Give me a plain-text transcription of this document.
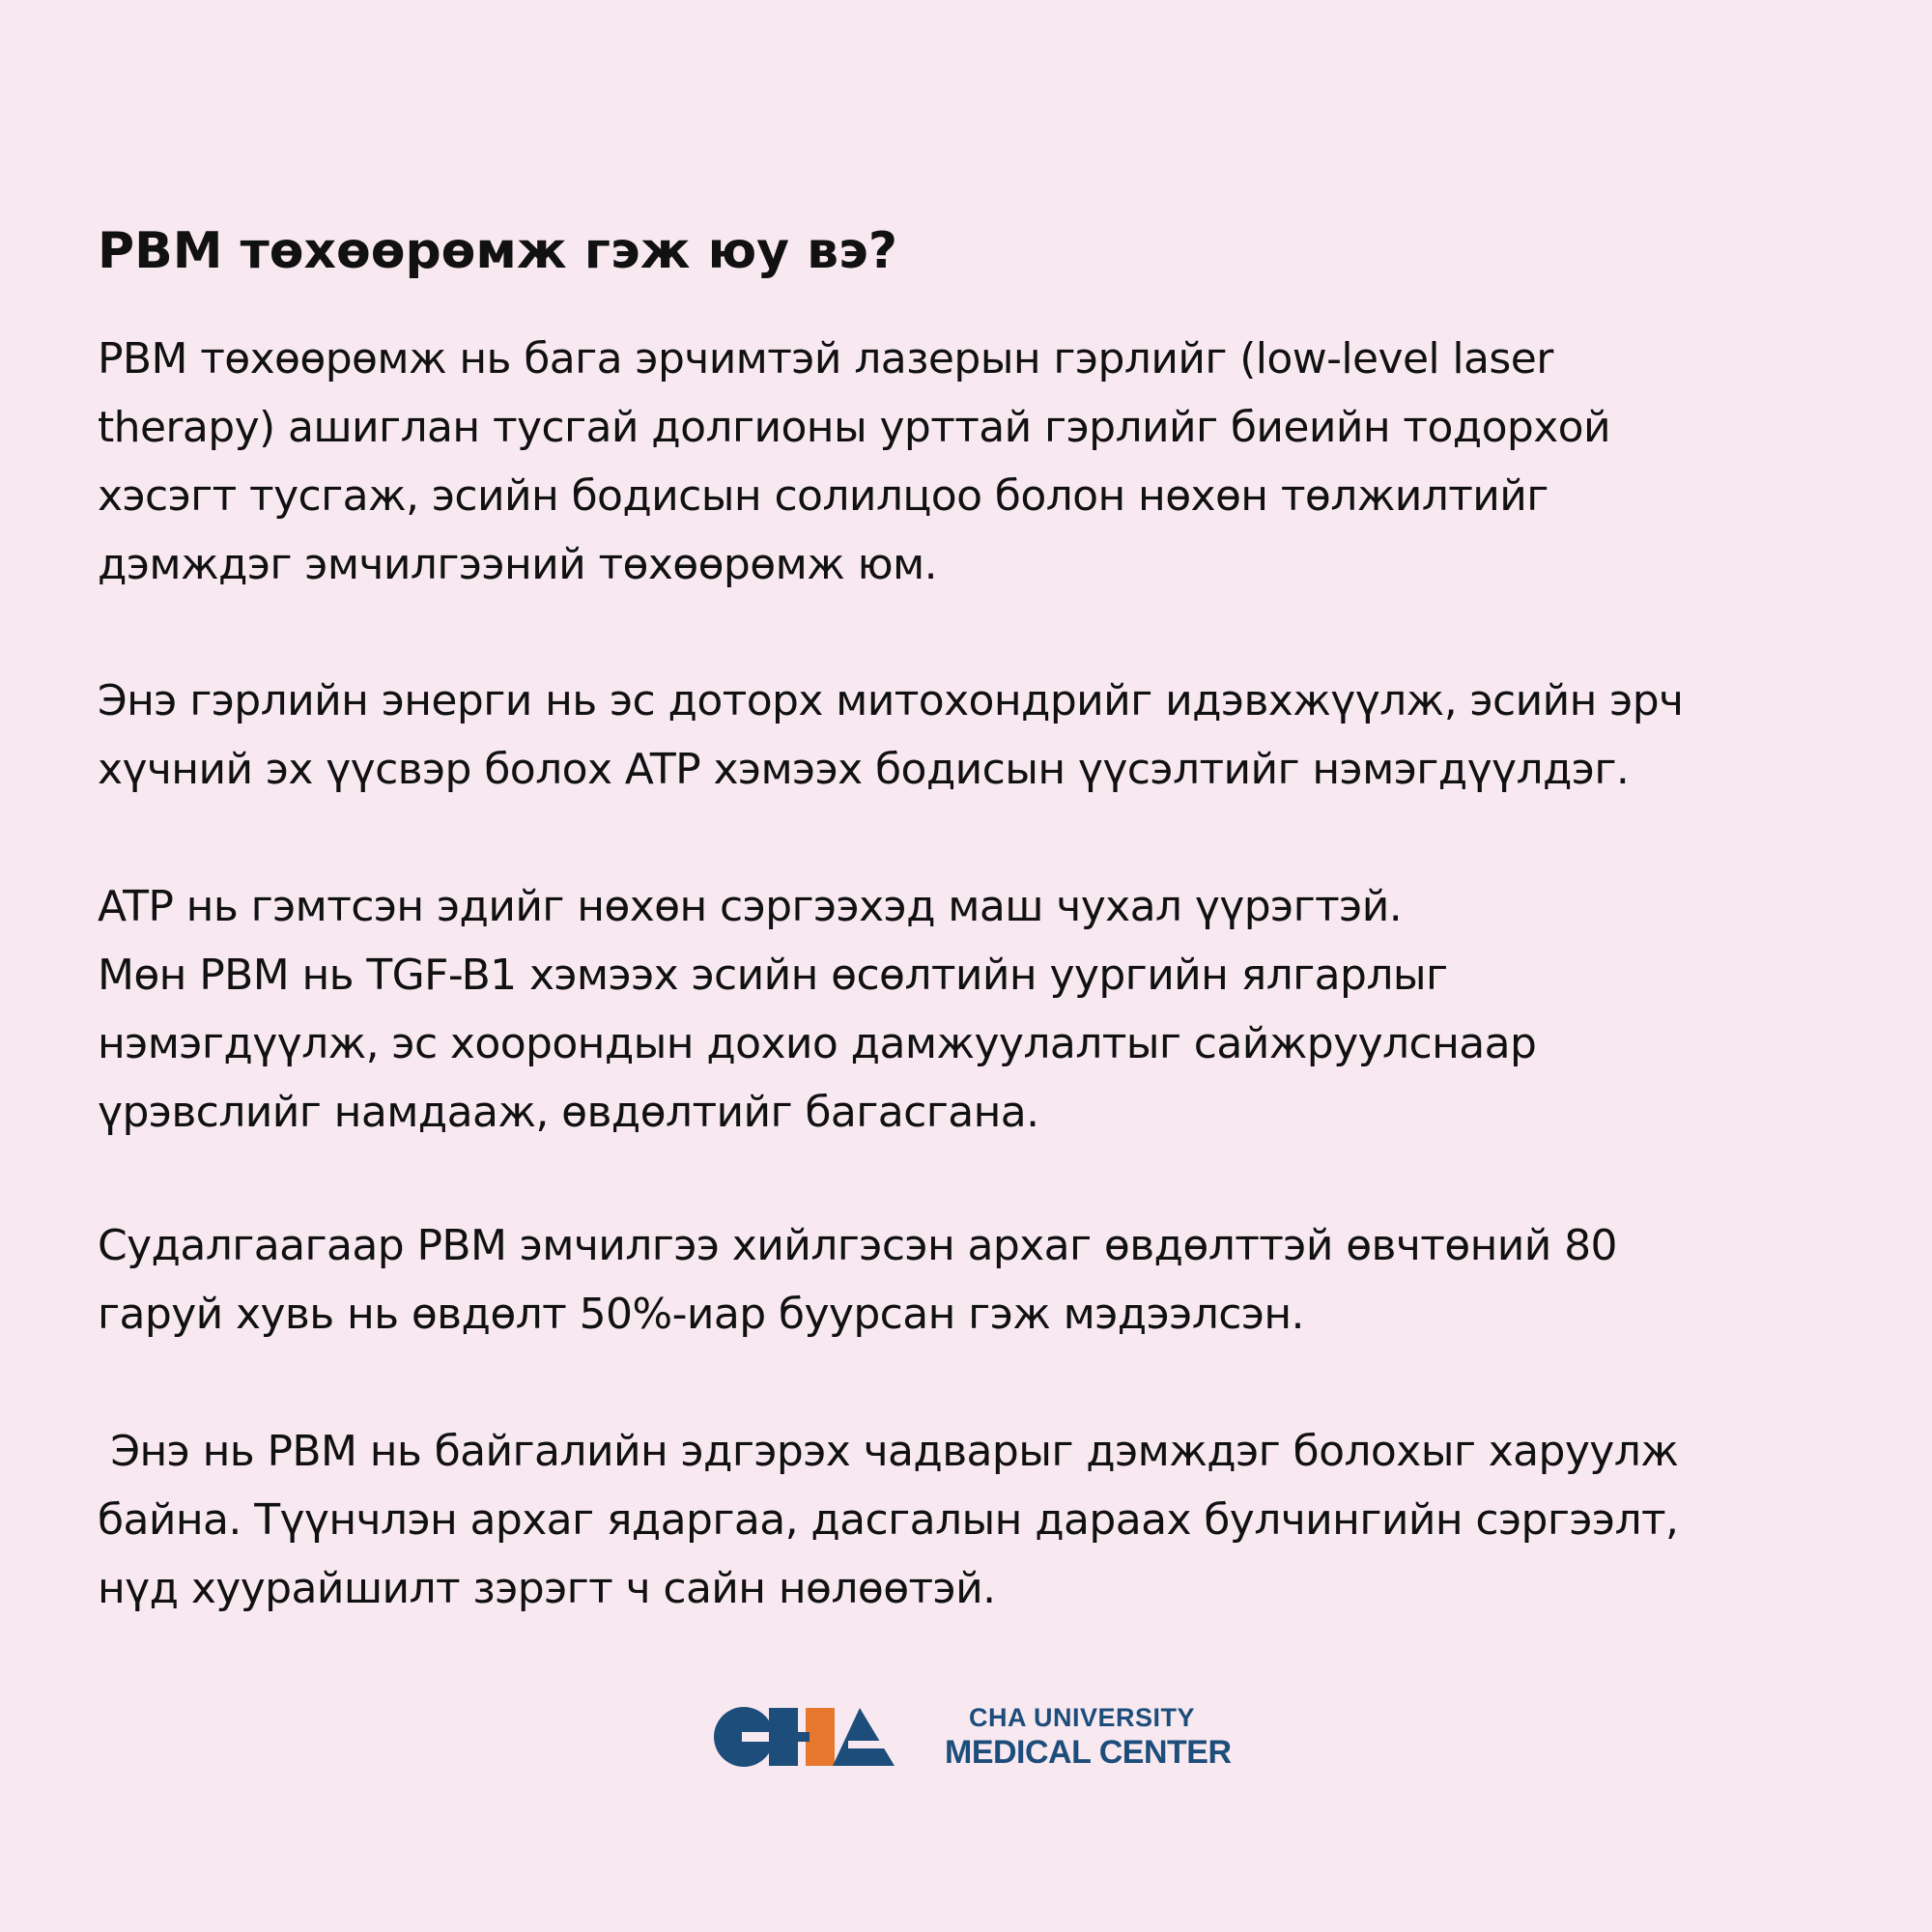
PBM төхөөрөмж гэж юу вэ?

PBM төхөөрөмж нь бага эрчимтэй лазерын гэрлийг (low-level laser
therapy) ашиглан тусгай долгионы урттай гэрлийг биеийн тодорхой
хэсэгт тусгаж, эсийн бодисын солилцоо болон нөхөн төлжилтийг
дэмждэг эмчилгээний төхөөрөмж юм.

Энэ гэрлийн энерги нь эс доторх митохондрийг идэвхжүүлж, эсийн эрч
хүчний эх үүсвэр болох ATP хэмээх бодисын үүсэлтийг нэмэгдүүлдэг.

ATP нь гэмтсэн эдийг нөхөн сэргээхэд маш чухал үүрэгтэй.
Мөн PBM нь TGF-B1 хэмээх эсийн өсөлтийн уургийн ялгарлыг
нэмэгдүүлж, эс хоорондын дохио дамжуулалтыг сайжруулснаар
үрэвслийг намдааж, өвдөлтийг багасгана.

Судалгаагаар PBM эмчилгээ хийлгэсэн архаг өвдөлттэй өвчтөний 80
гаруй хувь нь өвдөлт 50%-иар буурсан гэж мэдээлсэн.

Энэ нь PBM нь байгалийн эдгэрэх чадварыг дэмждэг болохыг харуулж
байна. Түүнчлэн архаг ядаргаа, дасгалын дараах булчингийн сэргээлт,
нүд хуурайшилт зэрэгт ч сайн нөлөөтэй.

CHA UNIVERSITY
MEDICAL CENTER
